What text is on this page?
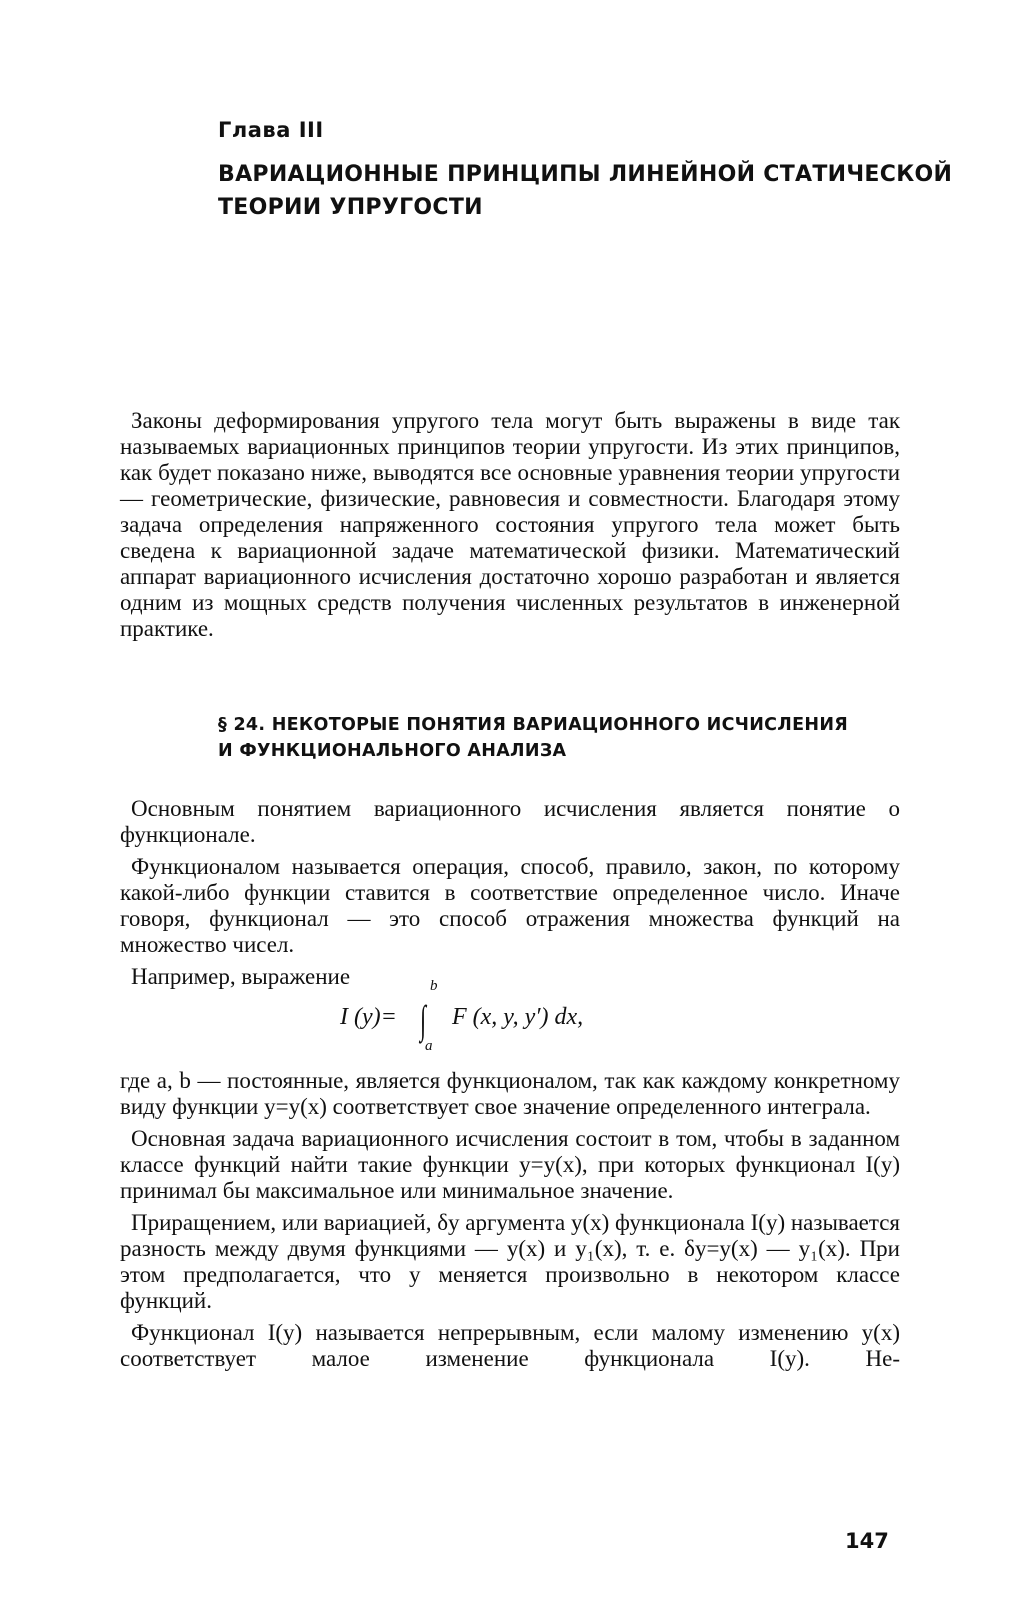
Глава III
ВАРИАЦИОННЫЕ ПРИНЦИПЫ ЛИНЕЙНОЙ СТАТИЧЕСКОЙ
ТЕОРИИ УПРУГОСТИ
Законы деформирования упругого тела могут быть выражены в виде так называемых вариационных принципов теории упругости. Из этих принципов, как будет показано ниже, выводятся все основные уравнения теории упругости — геометрические, физические, равновесия и совместности. Благодаря этому задача определения напряженного состояния упругого тела может быть сведена к вариационной задаче математической физики. Математический аппарат вариационного исчисления достаточно хорошо разработан и является одним из мощных средств получения численных результатов в инженерной практике.
§ 24. НЕКОТОРЫЕ ПОНЯТИЯ ВАРИАЦИОННОГО ИСЧИСЛЕНИЯ
И ФУНКЦИОНАЛЬНОГО АНАЛИЗА
Основным понятием вариационного исчисления является понятие о функционале.
Функционалом называется операция, способ, правило, закон, по которому какой-либо функции ставится в соответствие определенное число. Иначе говоря, функционал — это способ отражения множества функций на множество чисел.
Например, выражение
I (y)=
b
∫
a
F (x, y, y′) dx,
где a, b — постоянные, является функционалом, так как каждому конкретному виду функции y=y(x) соответствует свое значение определенного интеграла.
Основная задача вариационного исчисления состоит в том, чтобы в заданном классе функций найти такие функции y=y(x), при которых функционал I(y) принимал бы максимальное или минимальное значение.
Приращением, или вариацией, δy аргумента y(x) функционала I(y) называется разность между двумя функциями — y(x) и y₁(x), т. е. δy=y(x) — y₁(x). При этом предполагается, что y меняется произвольно в некотором классе функций.
Функционал I(y) называется непрерывным, если малому изменению y(x) соответствует малое изменение функционала I(y). Не-
147
